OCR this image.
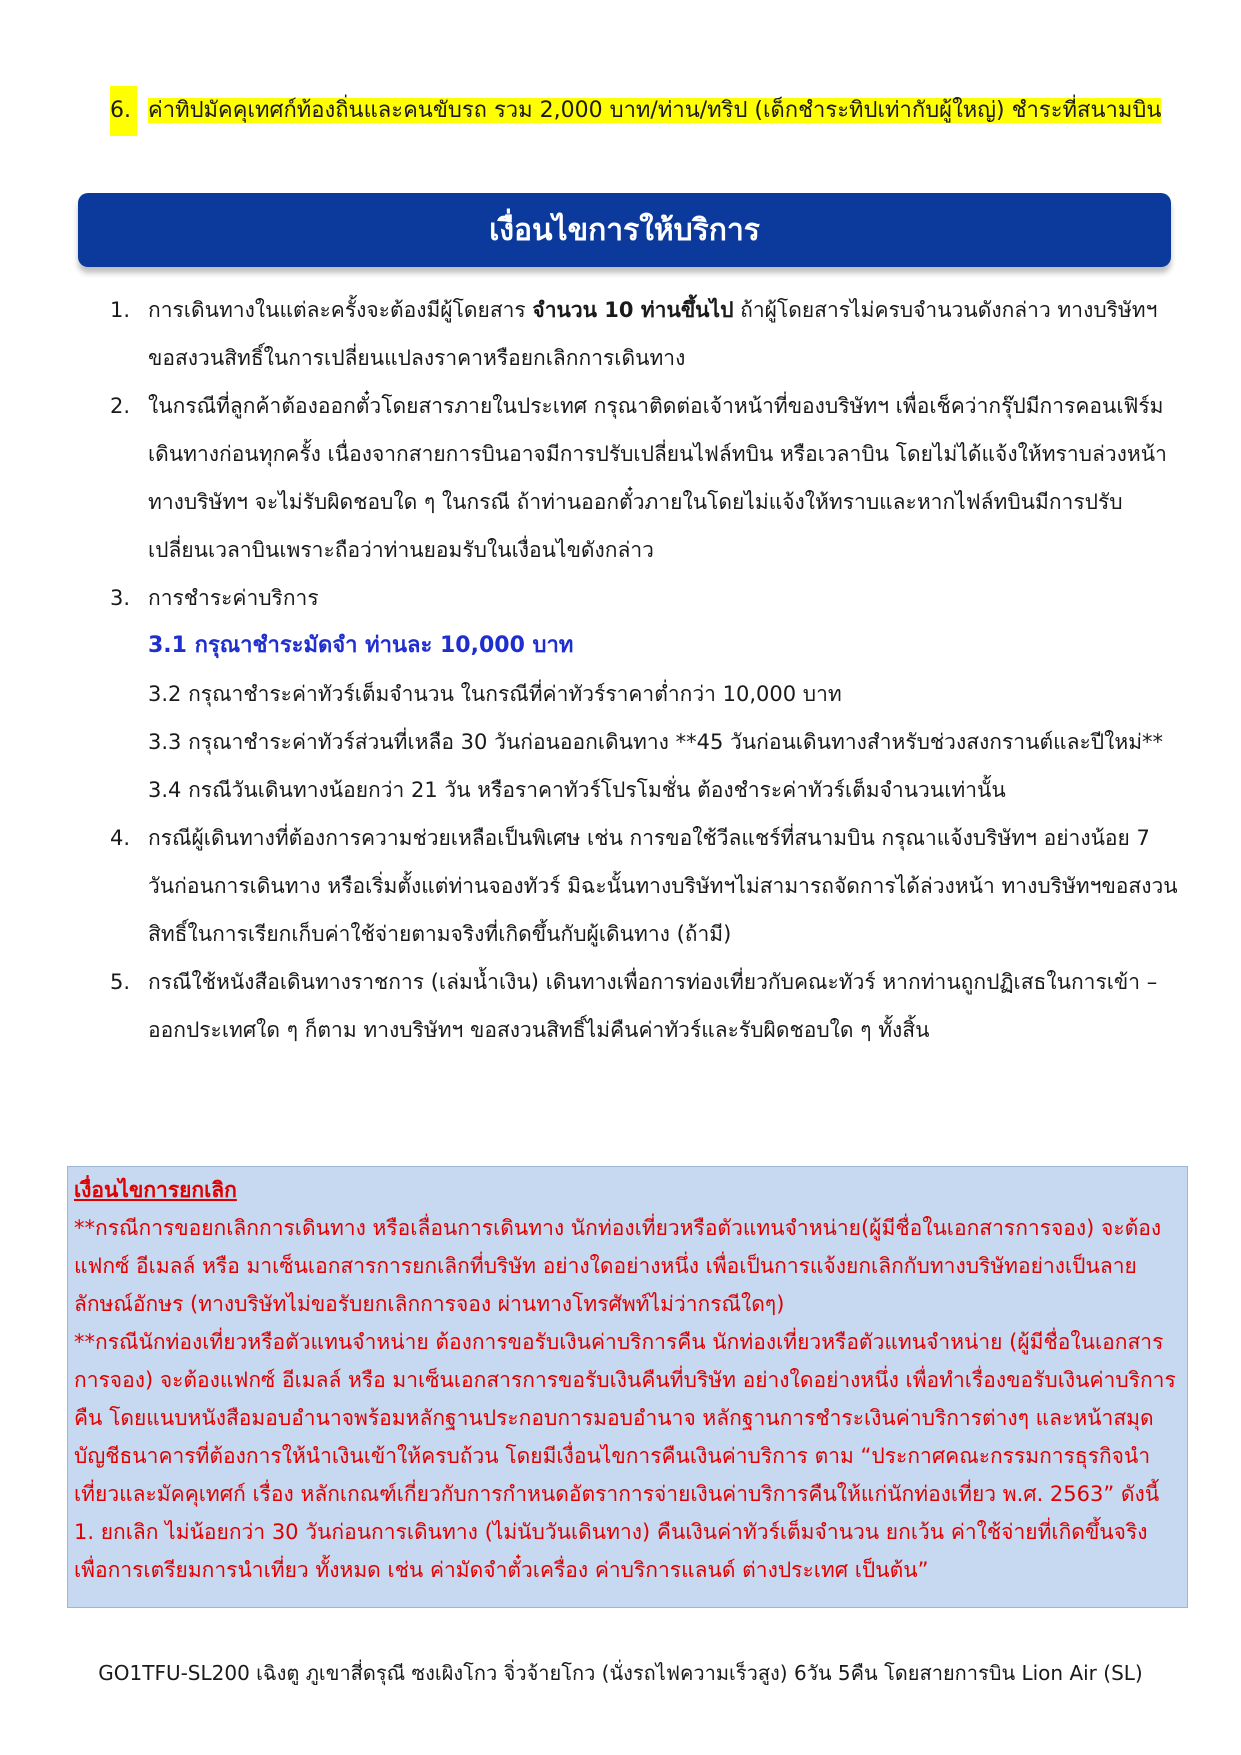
6. ค่าทิปมัคคุเทศก์ท้องถิ่นและคนขับรถ รวม 2,000 บาท/ท่าน/ทริป (เด็กชำระทิปเท่ากับผู้ใหญ่) ชำระที่สนามบิน
เงื่อนไขการให้บริการ
1. การเดินทางในแต่ละครั้งจะต้องมีผู้โดยสาร จำนวน 10 ท่านขึ้นไป ถ้าผู้โดยสารไม่ครบจำนวนดังกล่าว ทางบริษัทฯ ขอสงวนสิทธิ์ในการเปลี่ยนแปลงราคาหรือยกเลิกการเดินทาง
2. ในกรณีที่ลูกค้าต้องออกตั๋วโดยสารภายในประเทศ กรุณาติดต่อเจ้าหน้าที่ของบริษัทฯ เพื่อเช็คว่ากรุ๊ปมีการคอนเฟิร์มเดินทางก่อนทุกครั้ง เนื่องจากสายการบินอาจมีการปรับเปลี่ยนไฟล์ทบิน หรือเวลาบิน โดยไม่ได้แจ้งให้ทราบล่วงหน้า ทางบริษัทฯ จะไม่รับผิดชอบใด ๆ ในกรณี ถ้าท่านออกตั๋วภายในโดยไม่แจ้งให้ทราบและหากไฟล์ทบินมีการปรับเปลี่ยนเวลาบินเพราะถือว่าท่านยอมรับในเงื่อนไขดังกล่าว
3. การชำระค่าบริการ
3.1 กรุณาชำระมัดจำ ท่านละ 10,000 บาท
3.2 กรุณาชำระค่าทัวร์เต็มจำนวน ในกรณีที่ค่าทัวร์ราคาต่ำกว่า 10,000 บาท
3.3 กรุณาชำระค่าทัวร์ส่วนที่เหลือ 30 วันก่อนออกเดินทาง **45 วันก่อนเดินทางสำหรับช่วงสงกรานต์และปีใหม่**
3.4 กรณีวันเดินทางน้อยกว่า 21 วัน หรือราคาทัวร์โปรโมชั่น ต้องชำระค่าทัวร์เต็มจำนวนเท่านั้น
4. กรณีผู้เดินทางที่ต้องการความช่วยเหลือเป็นพิเศษ เช่น การขอใช้วีลแชร์ที่สนามบิน กรุณาแจ้งบริษัทฯ อย่างน้อย 7 วันก่อนการเดินทาง หรือเริ่มตั้งแต่ท่านจองทัวร์ มิฉะนั้นทางบริษัทฯไม่สามารถจัดการได้ล่วงหน้า ทางบริษัทฯขอสงวนสิทธิ์ในการเรียกเก็บค่าใช้จ่ายตามจริงที่เกิดขึ้นกับผู้เดินทาง (ถ้ามี)
5. กรณีใช้หนังสือเดินทางราชการ (เล่มน้ำเงิน) เดินทางเพื่อการท่องเที่ยวกับคณะทัวร์ หากท่านถูกปฏิเสธในการเข้า – ออกประเทศใด ๆ ก็ตาม ทางบริษัทฯ ขอสงวนสิทธิ์ไม่คืนค่าทัวร์และรับผิดชอบใด ๆ ทั้งสิ้น

เงื่อนไขการยกเลิก

**กรณีการขอยกเลิกการเดินทาง หรือเลื่อนการเดินทาง นักท่องเที่ยวหรือตัวแทนจำหน่าย(ผู้มีชื่อในเอกสารการจอง) จะต้องแฟกซ์ อีเมลล์ หรือ มาเซ็นเอกสารการยกเลิกที่บริษัท อย่างใดอย่างหนึ่ง เพื่อเป็นการแจ้งยกเลิกกับทางบริษัทอย่างเป็นลายลักษณ์อักษร (ทางบริษัทไม่ขอรับยกเลิกการจอง ผ่านทางโทรศัพท์ไม่ว่ากรณีใดๆ)

**กรณีนักท่องเที่ยวหรือตัวแทนจำหน่าย ต้องการขอรับเงินค่าบริการคืน นักท่องเที่ยวหรือตัวแทนจำหน่าย (ผู้มีชื่อในเอกสารการจอง) จะต้องแฟกซ์ อีเมลล์ หรือ มาเซ็นเอกสารการขอรับเงินคืนที่บริษัท อย่างใดอย่างหนึ่ง เพื่อทำเรื่องขอรับเงินค่าบริการคืน โดยแนบหนังสือมอบอำนาจพร้อมหลักฐานประกอบการมอบอำนาจ หลักฐานการชำระเงินค่าบริการต่างๆ และหน้าสมุดบัญชีธนาคารที่ต้องการให้นำเงินเข้าให้ครบถ้วน โดยมีเงื่อนไขการคืนเงินค่าบริการ ตาม “ประกาศคณะกรรมการธุรกิจนำเที่ยวและมัคคุเทศก์ เรื่อง หลักเกณฑ์เกี่ยวกับการกำหนดอัตราการจ่ายเงินค่าบริการคืนให้แก่นักท่องเที่ยว พ.ศ. 2563” ดังนี้

1. ยกเลิก ไม่น้อยกว่า 30 วันก่อนการเดินทาง (ไม่นับวันเดินทาง) คืนเงินค่าทัวร์เต็มจำนวน ยกเว้น ค่าใช้จ่ายที่เกิดขึ้นจริงเพื่อการเตรียมการนำเที่ยว ทั้งหมด เช่น ค่ามัดจำตั๋วเครื่อง ค่าบริการแลนด์ ต่างประเทศ เป็นต้น”

GO1TFU-SL200 เฉิงตู ภูเขาสี่ดรุณี ซงเผิงโกว จิ่วจ้ายโกว (นั่งรถไฟความเร็วสูง) 6วัน 5คืน โดยสายการบิน Lion Air (SL)
